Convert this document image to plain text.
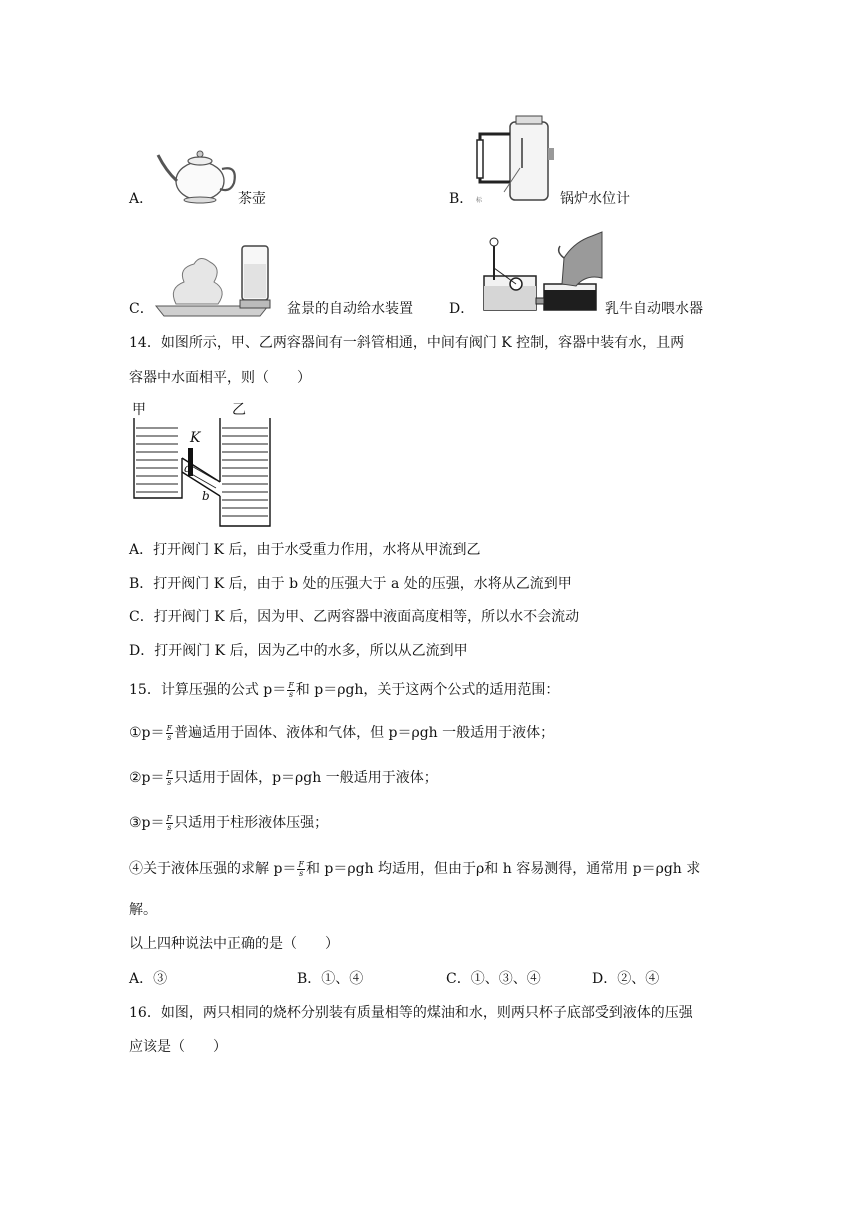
标
A．	茶壶	B．	锅炉水位计
C．	盆景的自动给水装置	D．	乳牛自动喂水器
14．如图所示，甲、乙两容器间有一斜管相通，中间有阀门 K 控制，容器中装有水，且两
容器中水面相平，则（　　）
甲	乙
K
a
b
A．打开阀门 K 后，由于水受重力作用，水将从甲流到乙
B．打开阀门 K 后，由于 b 处的压强大于 a 处的压强，水将从乙流到甲
C．打开阀门 K 后，因为甲、乙两容器中液面高度相等，所以水不会流动
D．打开阀门 K 后，因为乙中的水多，所以从乙流到甲
15．计算压强的公式 $p= \frac{F}{s}$ 和 p＝ρgh，关于这两个公式的适用范围：
①p＝ $\frac{F}{s}$ 普遍适用于固体、液体和气体，但 p＝ρgh 一般适用于液体；
②p＝ $\frac{F}{s}$ 只适用于固体，p＝ρgh 一般适用于液体；
③p＝ $\frac{F}{s}$ 只适用于柱形液体压强；
④关于液体压强的求解 $p= \frac{F}{s}$ 和 p＝ρgh 均适用，但由于ρ和 h 容易测得，通常用 p＝ρgh 求
解。
以上四种说法中正确的是（　　）
A．③	B．①、④	C．①、③、④	D．②、④
16．如图，两只相同的烧杯分别装有质量相等的煤油和水，则两只杯子底部受到液体的压强
应该是（　　）
